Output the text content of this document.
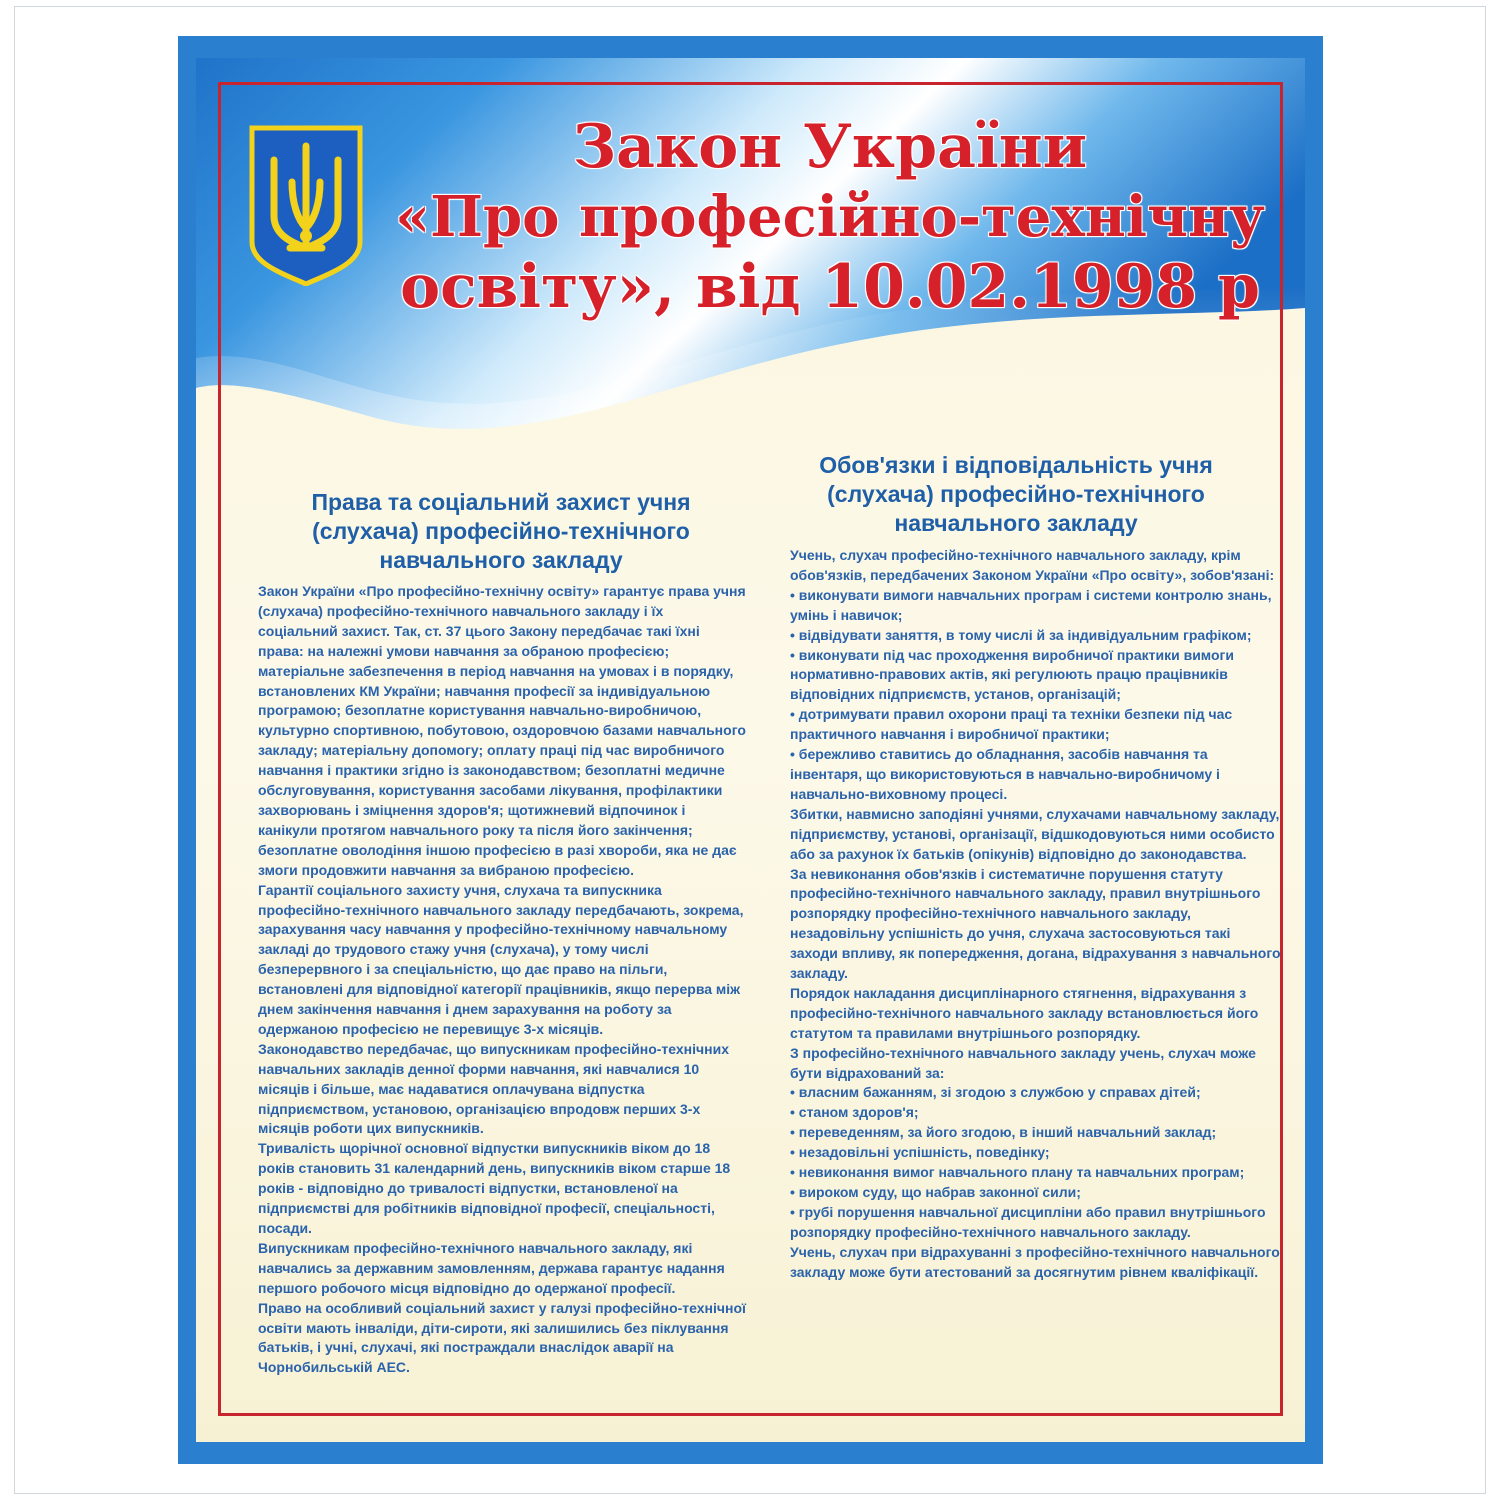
Закон України
«Про професійно-технічну
освіту», від 10.02.1998 р
Права та соціальний захист учня
(слухача) професійно-технічного
навчального закладу
Закон України «Про професійно-технічну освіту» гарантує права учня (слухача) професійно-технічного навчального закладу і їх соціальний захист. Так, ст. 37 цього Закону передбачає такі їхні права: на належні умови навчання за обраною професією; матеріальне забезпечення в період навчання на умовах і в порядку, встановлених КМ України; навчання професії за індивідуальною програмою; безоплатне користування навчально-виробничою, культурно спортивною, побутовою, оздоровчою базами навчального закладу; матеріальну допомогу; оплату праці під час виробничого навчання і практики згідно із законодавством; безоплатні медичне обслуговування, користування засобами лікування, профілактики захворювань і зміцнення здоров'я; щотижневий відпочинок і канікули протягом навчального року та після його закінчення; безоплатне оволодіння іншою професією в разі хвороби, яка не дає змоги продовжити навчання за вибраною професією.
Гарантії соціального захисту учня, слухача та випускника професійно-технічного навчального закладу передбачають, зокрема, зарахування часу навчання у професійно-технічному навчальному закладі до трудового стажу учня (слухача), у тому числі безперервного і за спеціальністю, що дає право на пільги, встановлені для відповідної категорії працівників, якщо перерва між днем закінчення навчання і днем зарахування на роботу за одержаною професією не перевищує 3-х місяців.
Законодавство передбачає, що випускникам професійно-технічних навчальних закладів денної форми навчання, які навчалися 10 місяців і більше, має надаватися оплачувана відпустка підприємством, установою, організацією впродовж перших 3-х місяців роботи цих випускників.
Тривалість щорічної основної відпустки випускників віком до 18 років становить 31 календарний день, випускників віком старше 18 років - відповідно до тривалості відпустки, встановленої на підприємстві для робітників відповідної професії, спеціальності, посади.
Випускникам професійно-технічного навчального закладу, які навчались за державним замовленням, держава гарантує надання першого робочого місця відповідно до одержаної професії.
Право на особливий соціальний захист у галузі професійно-технічної освіти мають інваліди, діти-сироти, які залишились без піклування батьків, і учні, слухачі, які постраждали внаслідок аварії на Чорнобильській АЕС.
Обов'язки і відповідальність учня
(слухача) професійно-технічного
навчального закладу
Учень, слухач професійно-технічного навчального закладу, крім обов'язків, передбачених Законом України «Про освіту», зобов'язані:
• виконувати вимоги навчальних програм і системи контролю знань, умінь і навичок;
• відвідувати заняття, в тому числі й за індивідуальним графіком;
• виконувати під час проходження виробничої практики вимоги нормативно-правових актів, які регулюють працю працівників відповідних підприємств, установ, організацій;
• дотримувати правил охорони праці та техніки безпеки під час практичного навчання і виробничої практики;
• бережливо ставитись до обладнання, засобів навчання та інвентаря, що використовуються в навчально-виробничому і навчально-виховному процесі.
Збитки, навмисно заподіяні учнями, слухачами навчальному закладу, підприємству, установі, організації, відшкодовуються ними особисто або за рахунок їх батьків (опікунів) відповідно до законодавства.
За невиконання обов'язків і систематичне порушення статуту професійно-технічного навчального закладу, правил внутрішнього розпорядку професійно-технічного навчального закладу, незадовільну успішність до учня, слухача застосовуються такі заходи впливу, як попередження, догана, відрахування з навчального закладу.
Порядок накладання дисциплінарного стягнення, відрахування з професійно-технічного навчального закладу встановлюється його статутом та правилами внутрішнього розпорядку.
З професійно-технічного навчального закладу учень, слухач може бути відрахований за:
• власним бажанням, зі згодою з службою у справах дітей;
• станом здоров'я;
• переведенням, за його згодою, в інший навчальний заклад;
• незадовільні успішність, поведінку;
• невиконання вимог навчального плану та навчальних програм;
• вироком суду, що набрав законної сили;
• грубі порушення навчальної дисципліни або правил внутрішнього розпорядку професійно-технічного навчального закладу.
Учень, слухач при відрахуванні з професійно-технічного навчального закладу може бути атестований за досягнутим рівнем кваліфікації.
